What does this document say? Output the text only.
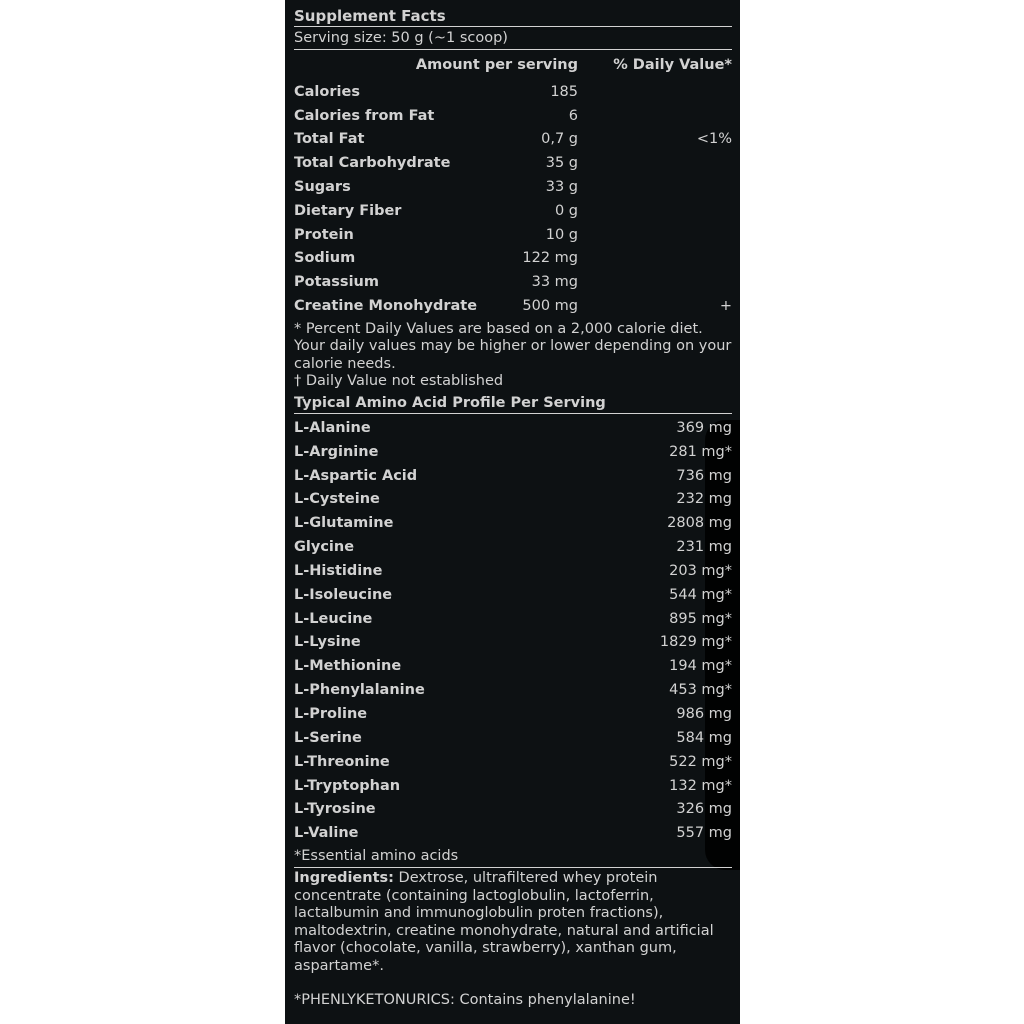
Supplement Facts
Serving size: 50 g (~1 scoop)
Amount per serving	% Daily Value*
Calories	185
Calories from Fat	6
Total Fat	0,7 g	<1%
Total Carbohydrate	35 g
Sugars	33 g
Dietary Fiber	0 g
Protein	10 g
Sodium	122 mg
Potassium	33 mg
Creatine Monohydrate	500 mg	+
* Percent Daily Values are based on a 2,000 calorie diet. Your daily values may be higher or lower depending on your calorie needs.
† Daily Value not established
Typical Amino Acid Profile Per Serving
L-Alanine	369 mg
L-Arginine	281 mg*
L-Aspartic Acid	736 mg
L-Cysteine	232 mg
L-Glutamine	2808 mg
Glycine	231 mg
L-Histidine	203 mg*
L-Isoleucine	544 mg*
L-Leucine	895 mg*
L-Lysine	1829 mg*
L-Methionine	194 mg*
L-Phenylalanine	453 mg*
L-Proline	986 mg
L-Serine	584 mg
L-Threonine	522 mg*
L-Tryptophan	132 mg*
L-Tyrosine	326 mg
L-Valine	557 mg
*Essential amino acids
Ingredients: Dextrose, ultrafiltered whey protein concentrate (containing lactoglobulin, lactoferrin, lactalbumin and immunoglobulin proten fractions), maltodextrin, creatine monohydrate, natural and artificial flavor (chocolate, vanilla, strawberry), xanthan gum, aspartame*.
*PHENLYKETONURICS: Contains phenylalanine!
